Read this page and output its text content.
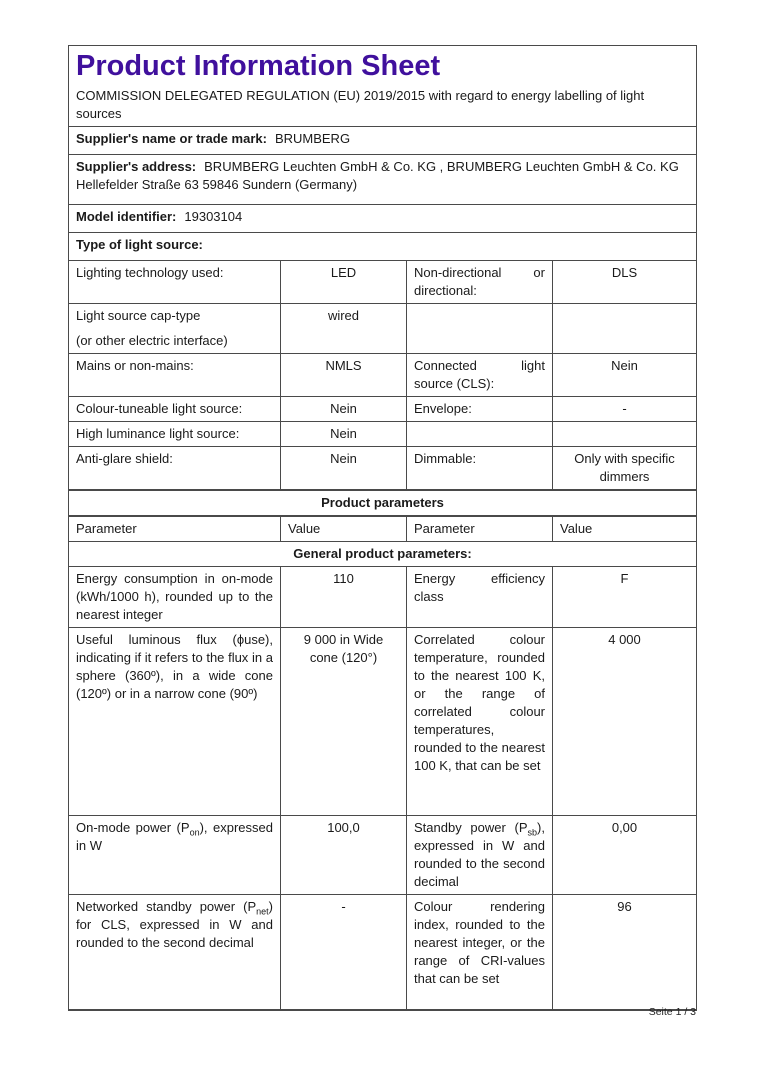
Product Information Sheet
COMMISSION DELEGATED REGULATION (EU) 2019/2015 with regard to energy labelling of light sources			

Supplier's name or trade mark: BRUMBERG			
Supplier's address: BRUMBERG Leuchten GmbH & Co. KG , BRUMBERG Leuchten GmbH & Co. KG Hellefelder Straße 63 59846 Sundern (Germany)			
Model identifier: 19303104			
Type of light source:			
Lighting technology used:	LED	Non-directional or directional:	DLS

Light source cap-type
(or other electric interface)	wired		
Mains or non-mains:	NMLS	Connected light source (CLS):	Nein
Colour-tuneable light source:	Nein	Envelope:	-
High luminance light source:	Nein		
Anti-glare shield:	Nein	Dimmable:	Only with specific dimmers
Product parameters			
Parameter	Value	Parameter	Value
General product parameters:			
Energy consumption in on-mode (kWh/1000 h), rounded up to the nearest integer	110	Energy efficiency class	F
Useful luminous flux (ϕuse), indicating if it refers to the flux in a sphere (360º), in a wide cone (120º) or in a narrow cone (90º)	9 000 in Wide cone (120°)	Correlated colour temperature, rounded to the nearest 100 K, or the range of correlated colour temperatures, rounded to the nearest 100 K, that can be set	4 000
On-mode power $(P_{on})$, expressed in W	100,0	Standby power $(P_{sb})$, expressed in W and rounded to the second decimal	0,00
Networked standby power $(P_{net})$ for CLS, expressed in W and rounded to the second decimal	-	Colour rendering index, rounded to the nearest integer, or the range of CRI-values that can be set	96
Seite 1 / 3
